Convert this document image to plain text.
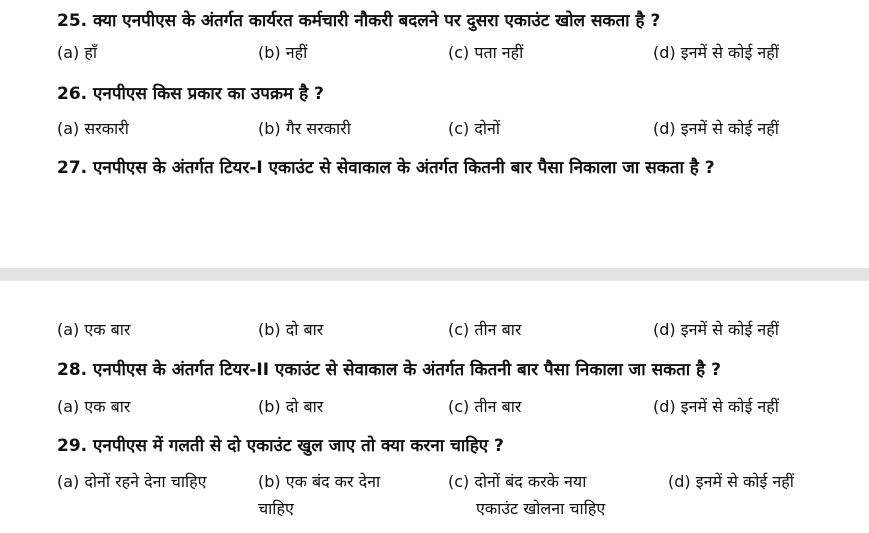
25. क्या एनपीएस के अंतर्गत कार्यरत कर्मचारी नौकरी बदलने पर दुसरा एकाउंट खोल सकता है ?
(a) हाँ	(b) नहीं	(c) पता नहीं	(d) इनमें से कोई नहीं
26. एनपीएस किस प्रकार का उपक्रम है ?
(a) सरकारी	(b) गैर सरकारी	(c) दोनों	(d) इनमें से कोई नहीं
27. एनपीएस के अंतर्गत टियर-I एकाउंट से सेवाकाल के अंतर्गत कितनी बार पैसा निकाला जा सकता है ?
(a) एक बार	(b) दो बार	(c) तीन बार	(d) इनमें से कोई नहीं
28. एनपीएस के अंतर्गत टियर-II एकाउंट से सेवाकाल के अंतर्गत कितनी बार पैसा निकाला जा सकता है ?
(a) एक बार	(b) दो बार	(c) तीन बार	(d) इनमें से कोई नहीं
29. एनपीएस में गलती से दो एकाउंट खुल जाए तो क्या करना चाहिए ?
(a) दोनों रहने देना चाहिए	(b) एक बंद कर देना
चाहिए
(c) दोनों बंद करके नया
एकाउंट खोलना चाहिए
(d) इनमें से कोई नहीं
